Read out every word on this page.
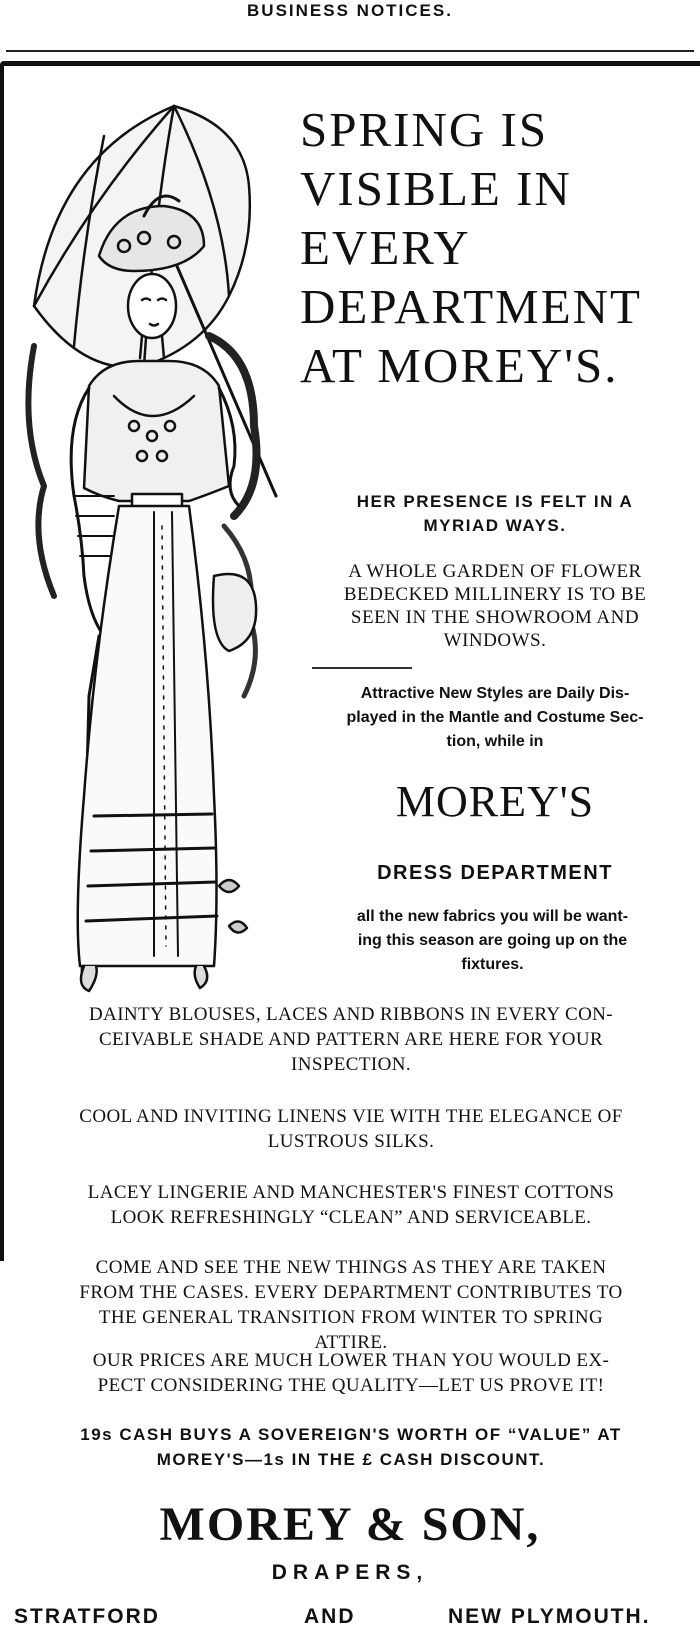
BUSINESS NOTICES.
SPRING IS
VISIBLE IN
EVERY
DEPARTMENT
AT MOREY'S.
HER PRESENCE IS FELT IN A
MYRIAD WAYS.
A WHOLE GARDEN OF FLOWER
BEDECKED MILLINERY IS TO BE
SEEN IN THE SHOWROOM AND
WINDOWS.
Attractive New Styles are Daily Dis-
played in the Mantle and Costume Sec-
tion, while in
MOREY'S
DRESS DEPARTMENT
all the new fabrics you will be want-
ing this season are going up on the
fixtures.
DAINTY BLOUSES, LACES AND RIBBONS IN EVERY CON-
CEIVABLE SHADE AND PATTERN ARE HERE FOR YOUR
INSPECTION.
COOL AND INVITING LINENS VIE WITH THE ELEGANCE OF
LUSTROUS SILKS.
LACEY LINGERIE AND MANCHESTER'S FINEST COTTONS
LOOK REFRESHINGLY “CLEAN” AND SERVICEABLE.
COME AND SEE THE NEW THINGS AS THEY ARE TAKEN
FROM THE CASES. EVERY DEPARTMENT CONTRIBUTES TO
THE GENERAL TRANSITION FROM WINTER TO SPRING
ATTIRE.
OUR PRICES ARE MUCH LOWER THAN YOU WOULD EX-
PECT CONSIDERING THE QUALITY—LET US PROVE IT!
19s CASH BUYS A SOVEREIGN'S WORTH OF “VALUE” AT
MOREY'S—1s IN THE £ CASH DISCOUNT.
MOREY & SON,
DRAPERS,
STRATFORD	AND	NEW PLYMOUTH.
